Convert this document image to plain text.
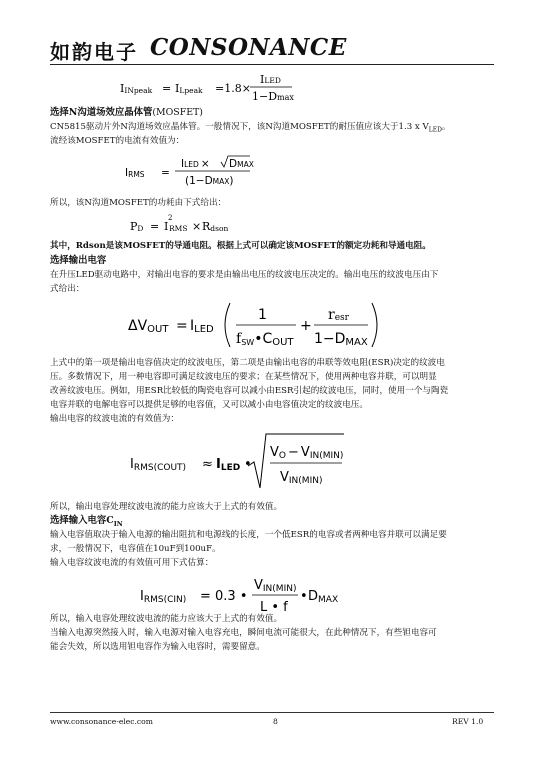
如韵电子 CONSONANCE
IINpeak = ILpeak =1.8×
ILED
1−Dmax
选择N沟道场效应晶体管(MOSFET)
CN5815驱动片外N沟道场效应晶体管。一般情况下，该N沟道MOSFET的耐压值应该大于1.3 x $V_{LED}$。
流经该MOSFET的电流有效值为：
IRMS =
ILED × DMAX
(1−DMAX)
所以，该N沟道MOSFET的功耗由下式给出：
PD = I
2
RMS × Rdson
其中，Rdson是该MOSFET的导通电阻。根据上式可以确定该MOSFET的额定功耗和导通电阻。
选择输出电容
在升压LED驱动电路中，对输出电容的要求是由输出电压的纹波电压决定的。输出电压的纹波电压由下
式给出：
ΔVOUT = ILED
1
fSW•COUT
+
resr
1−DMAX
上式中的第一项是输出电容值决定的纹波电压，第二项是由输出电容的串联等效电阻(ESR)决定的纹波电
压。多数情况下，用一种电容即可满足纹波电压的要求；在某些情况下，使用两种电容并联，可以明显
改善纹波电压。例如，用ESR比较低的陶瓷电容可以减小由ESR引起的纹波电压，同时，使用一个与陶瓷
电容并联的电解电容可以提供足够的电容值，又可以减小由电容值决定的纹波电压。
输出电容的纹波电流的有效值为：
IRMS(COUT) ≈ ILED •
VO − VIN(MIN)
VIN(MIN)
所以，输出电容处理纹波电流的能力应该大于上式的有效值。
选择输入电容$C_{IN}$
输入电容值取决于输入电源的输出阻抗和电源线的长度，一个低ESR的电容或者两种电容并联可以满足要
求，一般情况下，电容值在10uF到100uF。
输入电容纹波电流的有效值可用下式估算：
IRMS(CIN) = 0.3 •
VIN(MIN)
L • f
• DMAX
所以，输入电容处理纹波电流的能力应该大于上式的有效值。
当输入电源突然接入时，输入电源对输入电容充电，瞬间电流可能很大，在此种情况下，有些钽电容可
能会失效，所以选用钽电容作为输入电容时，需要留意。
www.consonance-elec.com	8	REV 1.0
